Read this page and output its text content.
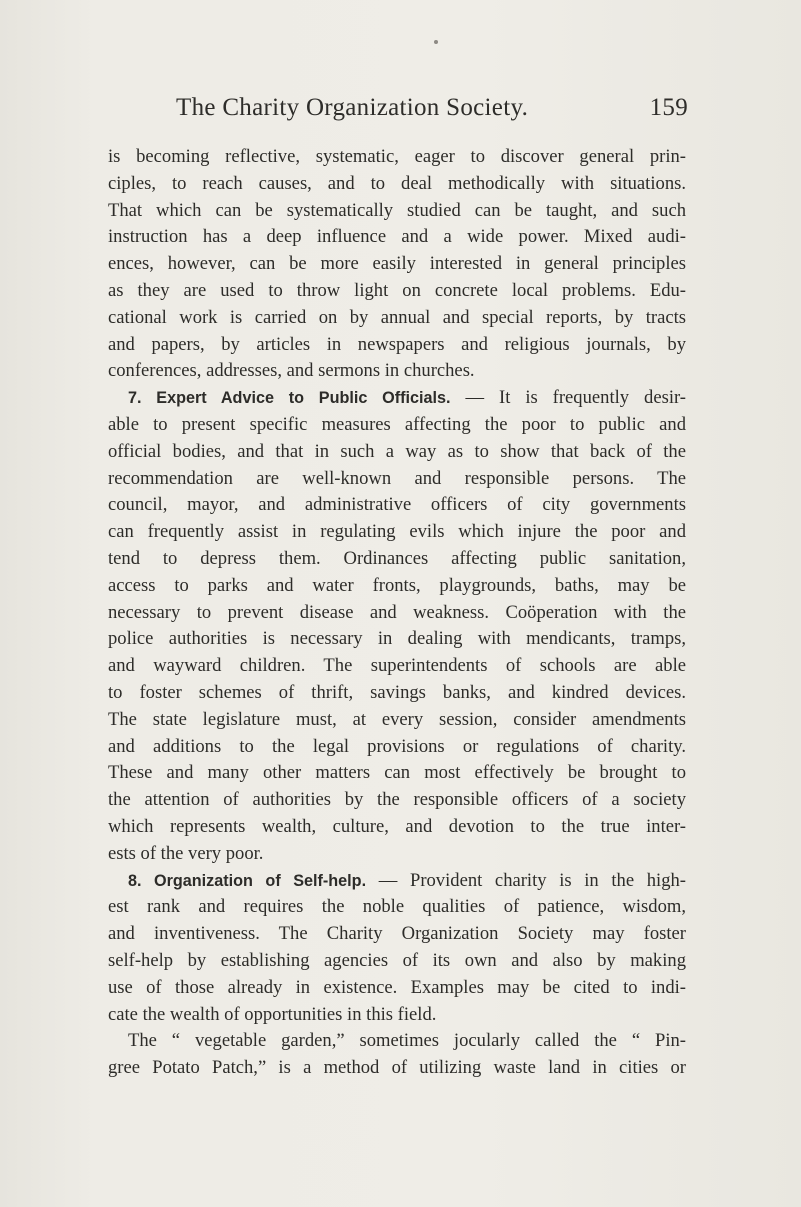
The Charity Organization Society.	159
is becoming reflective, systematic, eager to discover general prin-
ciples, to reach causes, and to deal methodically with situations.
That which can be systematically studied can be taught, and such
instruction has a deep influence and a wide power. Mixed audi-
ences, however, can be more easily interested in general principles
as they are used to throw light on concrete local problems. Edu-
cational work is carried on by annual and special reports, by tracts
and papers, by articles in newspapers and religious journals, by
conferences, addresses, and sermons in churches.
7. Expert Advice to Public Officials. — It is frequently desir-
able to present specific measures affecting the poor to public and
official bodies, and that in such a way as to show that back of the
recommendation are well-known and responsible persons. The
council, mayor, and administrative officers of city governments
can frequently assist in regulating evils which injure the poor and
tend to depress them. Ordinances affecting public sanitation,
access to parks and water fronts, playgrounds, baths, may be
necessary to prevent disease and weakness. Coöperation with the
police authorities is necessary in dealing with mendicants, tramps,
and wayward children. The superintendents of schools are able
to foster schemes of thrift, savings banks, and kindred devices.
The state legislature must, at every session, consider amendments
and additions to the legal provisions or regulations of charity.
These and many other matters can most effectively be brought to
the attention of authorities by the responsible officers of a society
which represents wealth, culture, and devotion to the true inter-
ests of the very poor.
8. Organization of Self-help. — Provident charity is in the high-
est rank and requires the noble qualities of patience, wisdom,
and inventiveness. The Charity Organization Society may foster
self-help by establishing agencies of its own and also by making
use of those already in existence. Examples may be cited to indi-
cate the wealth of opportunities in this field.
The “ vegetable garden,” sometimes jocularly called the “ Pin-
gree Potato Patch,” is a method of utilizing waste land in cities or
